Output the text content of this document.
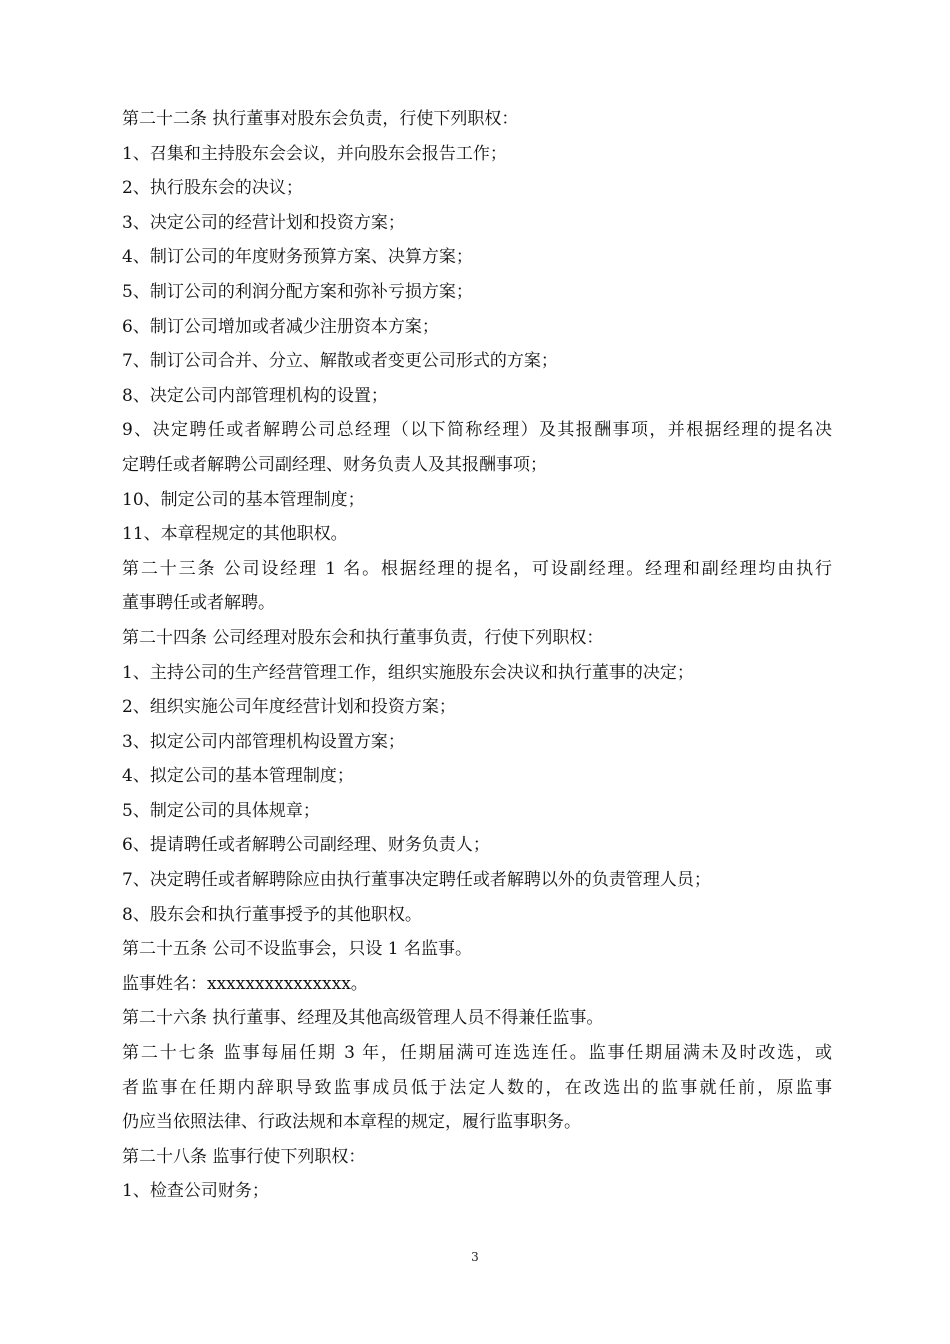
第二十二条 执行董事对股东会负责，行使下列职权：
1、召集和主持股东会会议，并向股东会报告工作；
2、执行股东会的决议；
3、决定公司的经营计划和投资方案；
4、制订公司的年度财务预算方案、决算方案；
5、制订公司的利润分配方案和弥补亏损方案；
6、制订公司增加或者减少注册资本方案；
7、制订公司合并、分立、解散或者变更公司形式的方案；
8、决定公司内部管理机构的设置；
9、决定聘任或者解聘公司总经理（以下简称经理）及其报酬事项，并根据经理的提名决
定聘任或者解聘公司副经理、财务负责人及其报酬事项；
10、制定公司的基本管理制度；
11、本章程规定的其他职权。
第二十三条 公司设经理 1 名。根据经理的提名，可设副经理。经理和副经理均由执行
董事聘任或者解聘。
第二十四条 公司经理对股东会和执行董事负责，行使下列职权：
1、主持公司的生产经营管理工作，组织实施股东会决议和执行董事的决定；
2、组织实施公司年度经营计划和投资方案；
3、拟定公司内部管理机构设置方案；
4、拟定公司的基本管理制度；
5、制定公司的具体规章；
6、提请聘任或者解聘公司副经理、财务负责人；
7、决定聘任或者解聘除应由执行董事决定聘任或者解聘以外的负责管理人员；
8、股东会和执行董事授予的其他职权。
第二十五条 公司不设监事会，只设 1 名监事。
监事姓名：xxxxxxxxxxxxxxx。
第二十六条 执行董事、经理及其他高级管理人员不得兼任监事。
第二十七条 监事每届任期 3 年，任期届满可连选连任。监事任期届满未及时改选，或
者监事在任期内辞职导致监事成员低于法定人数的，在改选出的监事就任前，原监事
仍应当依照法律、行政法规和本章程的规定，履行监事职务。
第二十八条 监事行使下列职权：
1、检查公司财务；
3
